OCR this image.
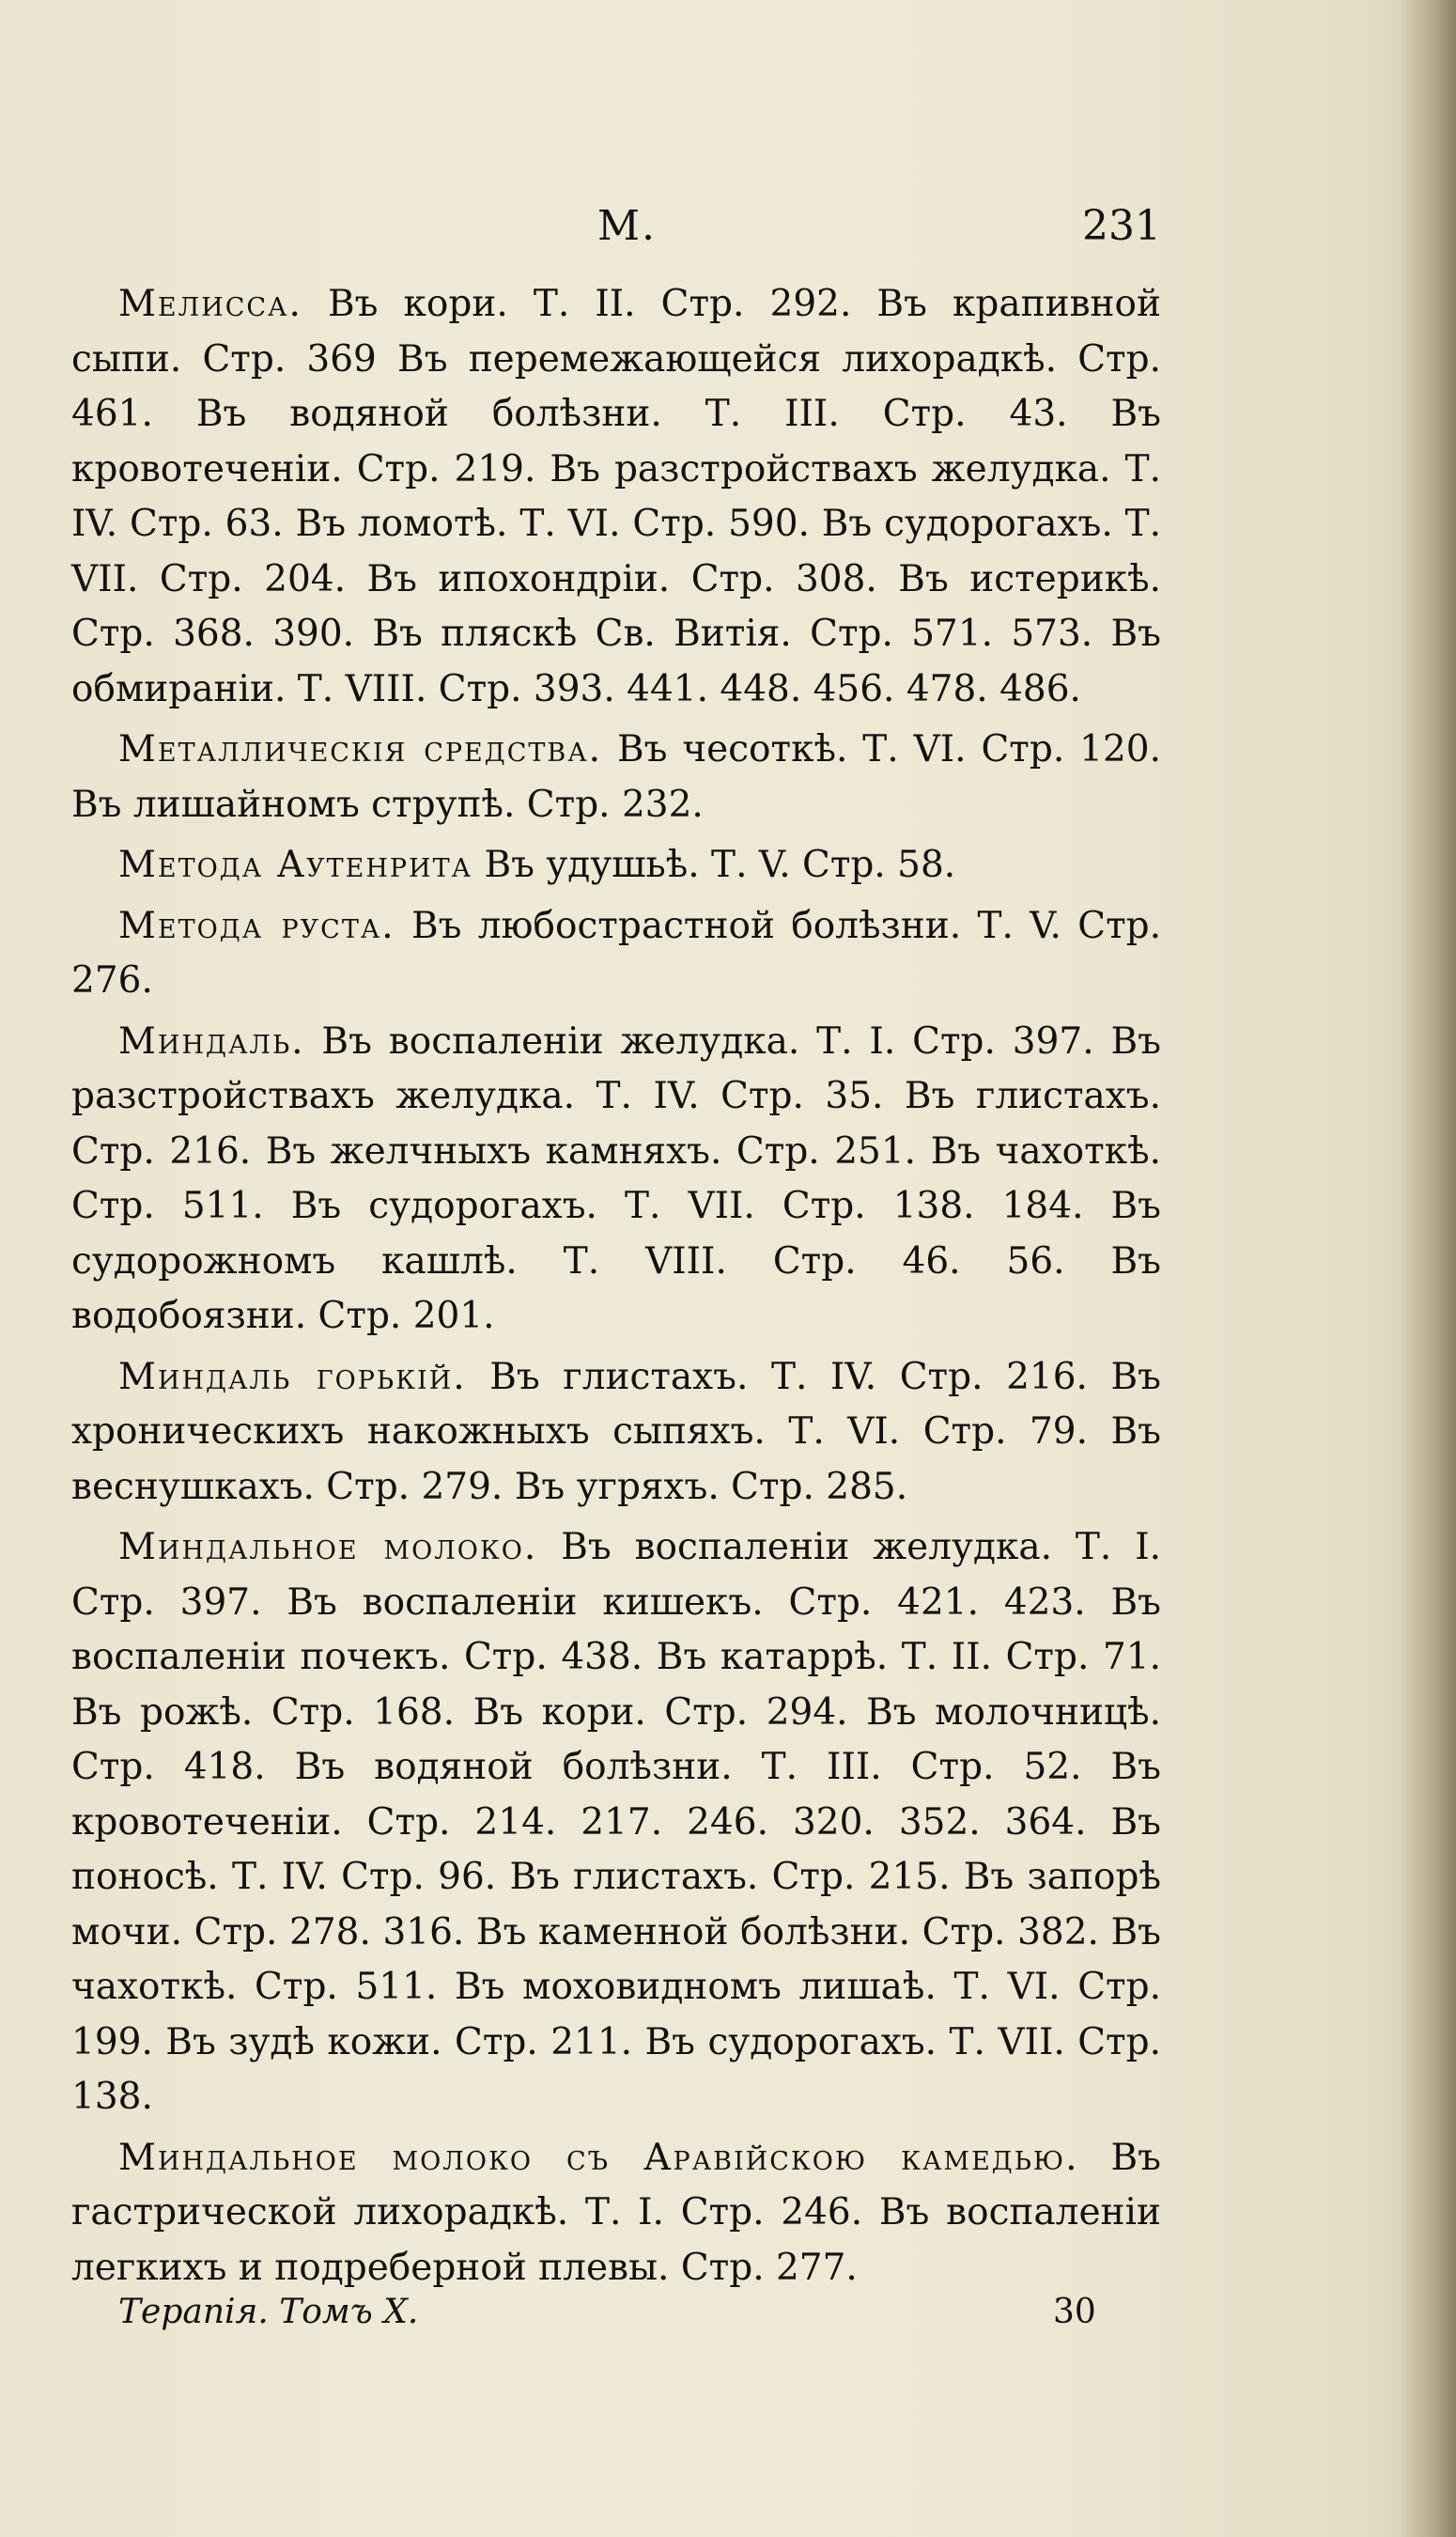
М.	231

Мелисса. Въ кори. Т. II. Стр. 292. Въ крапивной сыпи. Стр. 369 Въ перемежающейся лихорадкѣ. Стр. 461. Въ водяной болѣзни. Т. III. Стр. 43. Въ кровотеченіи. Стр. 219. Въ разстройствахъ желудка. Т. IV. Стр. 63. Въ ломотѣ. Т. VI. Стр. 590. Въ судорогахъ. Т. VII. Стр. 204. Въ ипохондріи. Стр. 308. Въ истерикѣ. Стр. 368. 390. Въ пляскѣ Св. Витія. Стр. 571. 573. Въ обмираніи. Т. VIII. Стр. 393. 441. 448. 456. 478. 486.

Металлическія средства. Въ чесоткѣ. Т. VI. Стр. 120. Въ лишайномъ струпѣ. Стр. 232.

Метода Аутенрита Въ удушьѣ. Т. V. Стр. 58.

Метода руста. Въ любострастной болѣзни. Т. V. Стр. 276.

Миндаль. Въ воспаленіи желудка. Т. I. Стр. 397. Въ разстройствахъ желудка. Т. IV. Стр. 35. Въ глистахъ. Стр. 216. Въ желчныхъ камняхъ. Стр. 251. Въ чахоткѣ. Стр. 511. Въ судорогахъ. Т. VII. Стр. 138. 184. Въ судорожномъ кашлѣ. Т. VIII. Стр. 46. 56. Въ водобоязни. Стр. 201.

Миндаль горькій. Въ глистахъ. Т. IV. Стр. 216. Въ хроническихъ накожныхъ сыпяхъ. Т. VI. Стр. 79. Въ веснушкахъ. Стр. 279. Въ угряхъ. Стр. 285.

Миндальное молоко. Въ воспаленіи желудка. Т. I. Стр. 397. Въ воспаленіи кишекъ. Стр. 421. 423. Въ воспаленіи почекъ. Стр. 438. Въ катаррѣ. Т. II. Стр. 71. Въ рожѣ. Стр. 168. Въ кори. Стр. 294. Въ молочницѣ. Стр. 418. Въ водяной болѣзни. Т. III. Стр. 52. Въ кровотеченіи. Стр. 214. 217. 246. 320. 352. 364. Въ поносѣ. Т. IV. Стр. 96. Въ глистахъ. Стр. 215. Въ запорѣ мочи. Стр. 278. 316. Въ каменной болѣзни. Стр. 382. Въ чахоткѣ. Стр. 511. Въ моховидномъ лишаѣ. Т. VI. Стр. 199. Въ зудѣ кожи. Стр. 211. Въ судорогахъ. Т. VII. Стр. 138.

Миндальное молоко съ Аравійскою камедью. Въ гастрической лихорадкѣ. Т. I. Стр. 246. Въ воспаленіи легкихъ и подреберной плевы. Стр. 277.

Терапія. Томъ X.	30
